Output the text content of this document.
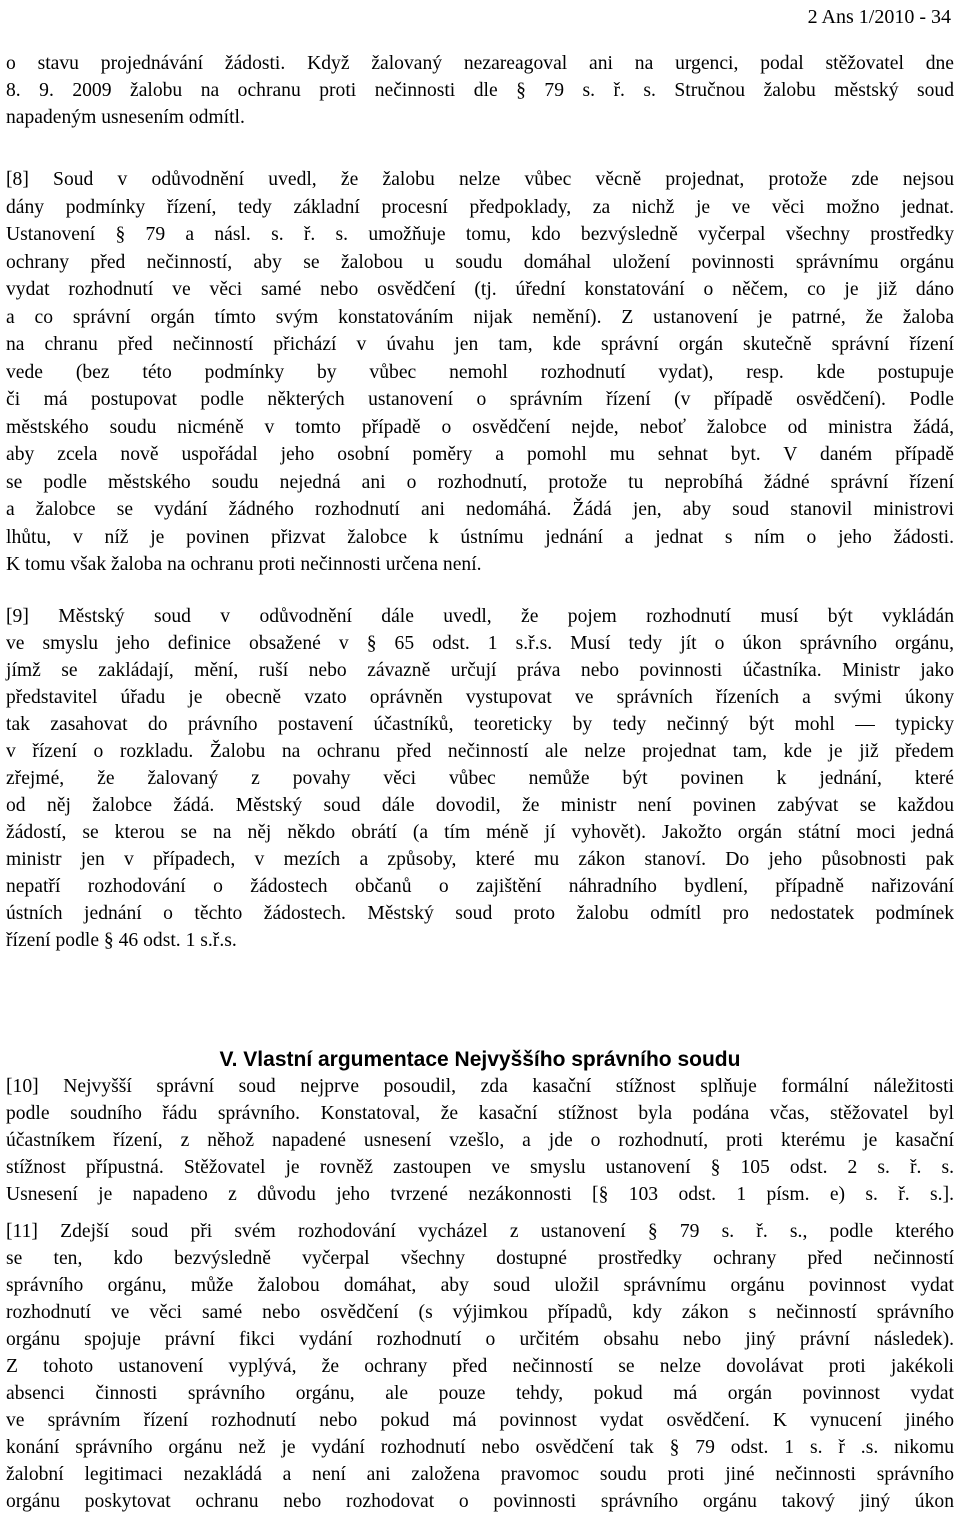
2 Ans 1/2010 - 34
o stavu projednávání žádosti. Když žalovaný nezareagoval ani na urgenci, podal stěžovatel dne
8. 9. 2009 žalobu na ochranu proti nečinnosti dle § 79 s. ř. s. Stručnou žalobu městský soud
napadeným usnesením odmítl.
[8] Soud v odůvodnění uvedl, že žalobu nelze vůbec věcně projednat, protože zde nejsou
dány podmínky řízení, tedy základní procesní předpoklady, za nichž je ve věci možno jednat.
Ustanovení § 79 a násl. s. ř. s. umožňuje tomu, kdo bezvýsledně vyčerpal všechny prostředky
ochrany před nečinností, aby se žalobou u soudu domáhal uložení povinnosti správnímu orgánu
vydat rozhodnutí ve věci samé nebo osvědčení (tj. úřední konstatování o něčem, co je již dáno
a co správní orgán tímto svým konstatováním nijak nemění). Z ustanovení je patrné, že žaloba
na chranu před nečinností přichází v úvahu jen tam, kde správní orgán skutečně správní řízení
vede (bez této podmínky by vůbec nemohl rozhodnutí vydat), resp. kde postupuje
či má postupovat podle některých ustanovení o správním řízení (v případě osvědčení). Podle
městského soudu nicméně v tomto případě o osvědčení nejde, neboť žalobce od ministra žádá,
aby zcela nově uspořádal jeho osobní poměry a pomohl mu sehnat byt. V daném případě
se podle městského soudu nejedná ani o rozhodnutí, protože tu neprobíhá žádné správní řízení
a žalobce se vydání žádného rozhodnutí ani nedomáhá. Žádá jen, aby soud stanovil ministrovi
lhůtu, v níž je povinen přizvat žalobce k ústnímu jednání a jednat s ním o jeho žádosti.
K tomu však žaloba na ochranu proti nečinnosti určena není.
[9] Městský soud v odůvodnění dále uvedl, že pojem rozhodnutí musí být vykládán
ve smyslu jeho definice obsažené v § 65 odst. 1 s.ř.s. Musí tedy jít o úkon správního orgánu,
jímž se zakládají, mění, ruší nebo závazně určují práva nebo povinnosti účastníka. Ministr jako
představitel úřadu je obecně vzato oprávněn vystupovat ve správních řízeních a svými úkony
tak zasahovat do právního postavení účastníků, teoreticky by tedy nečinný být mohl — typicky
v řízení o rozkladu. Žalobu na ochranu před nečinností ale nelze projednat tam, kde je již předem
zřejmé, že žalovaný z povahy věci vůbec nemůže být povinen k jednání, které
od něj žalobce žádá. Městský soud dále dovodil, že ministr není povinen zabývat se každou
žádostí, se kterou se na něj někdo obrátí (a tím méně jí vyhovět). Jakožto orgán státní moci jedná
ministr jen v případech, v mezích a způsoby, které mu zákon stanoví. Do jeho působnosti pak
nepatří rozhodování o žádostech občanů o zajištění náhradního bydlení, případně nařizování
ústních jednání o těchto žádostech. Městský soud proto žalobu odmítl pro nedostatek podmínek
řízení podle § 46 odst. 1 s.ř.s.
[10] Nejvyšší správní soud nejprve posoudil, zda kasační stížnost splňuje formální náležitosti
podle soudního řádu správního. Konstatoval, že kasační stížnost byla podána včas, stěžovatel byl
účastníkem řízení, z něhož napadené usnesení vzešlo, a jde o rozhodnutí, proti kterému je kasační
stížnost přípustná. Stěžovatel je rovněž zastoupen ve smyslu ustanovení § 105 odst. 2 s. ř. s.
Usnesení je napadeno z důvodu jeho tvrzené nezákonnosti [§ 103 odst. 1 písm. e) s. ř. s.].
[11] Zdejší soud při svém rozhodování vycházel z ustanovení § 79 s. ř. s., podle kterého
se ten, kdo bezvýsledně vyčerpal všechny dostupné prostředky ochrany před nečinností
správního orgánu, může žalobou domáhat, aby soud uložil správnímu orgánu povinnost vydat
rozhodnutí ve věci samé nebo osvědčení (s výjimkou případů, kdy zákon s nečinností správního
orgánu spojuje právní fikci vydání rozhodnutí o určitém obsahu nebo jiný právní následek).
Z tohoto ustanovení vyplývá, že ochrany před nečinností se nelze dovolávat proti jakékoli
absenci činnosti správního orgánu, ale pouze tehdy, pokud má orgán povinnost vydat
ve správním řízení rozhodnutí nebo pokud má povinnost vydat osvědčení. K vynucení jiného
konání správního orgánu než je vydání rozhodnutí nebo osvědčení tak § 79 odst. 1 s. ř .s. nikomu
žalobní legitimaci nezakládá a není ani založena pravomoc soudu proti jiné nečinnosti správního
orgánu poskytovat ochranu nebo rozhodovat o povinnosti správního orgánu takový jiný úkon
V. Vlastní argumentace Nejvyššího správního soudu
